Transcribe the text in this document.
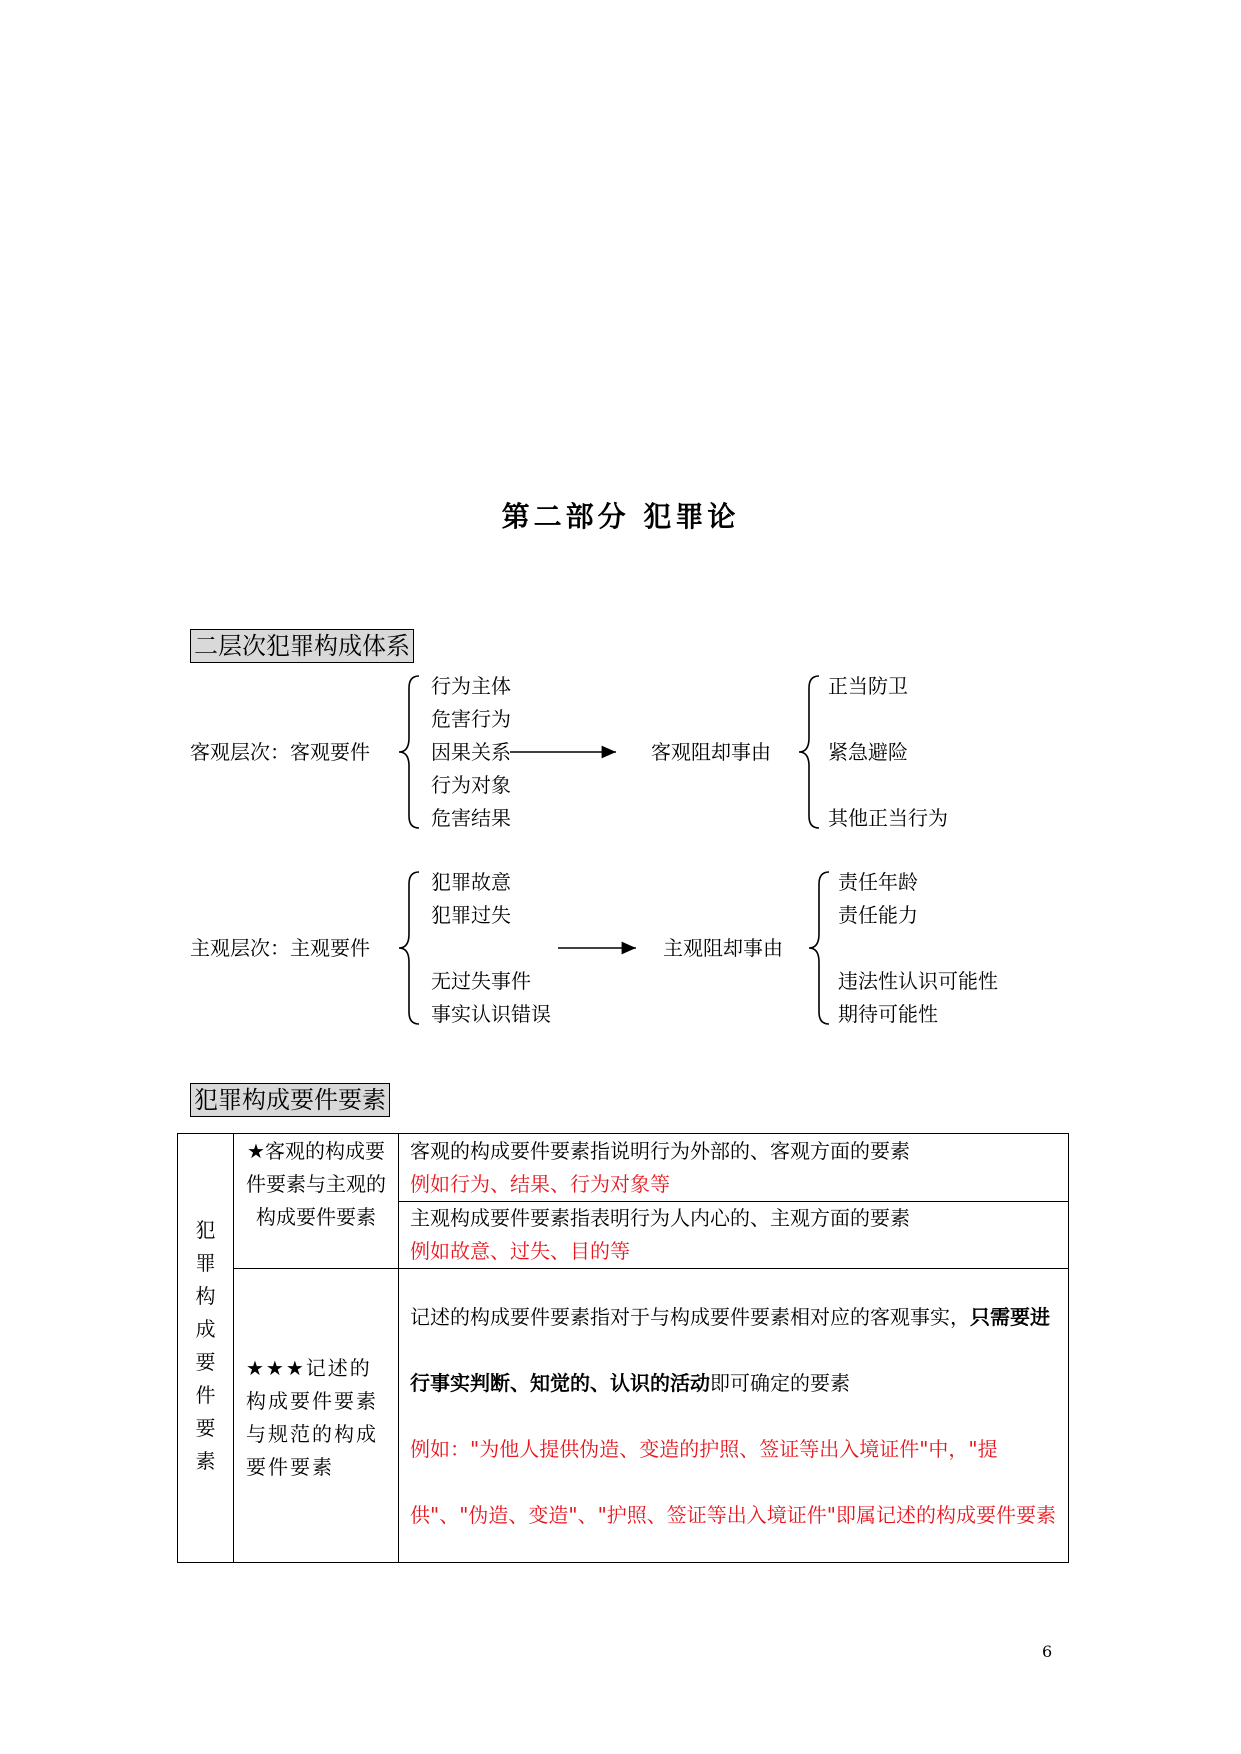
第二部分 犯罪论
二层次犯罪构成体系
客观层次：客观要件
行为主体
危害行为
因果关系
行为对象
危害结果
客观阻却事由
正当防卫
紧急避险
其他正当行为
主观层次：主观要件
犯罪故意
犯罪过失
无过失事件
事实认识错误
主观阻却事由
责任年龄
责任能力
违法性认识可能性
期待可能性
犯罪构成要件要素
犯罪构成要件要素
★客观的构成要件要素与主观的构成要件要素
客观的构成要件要素指说明行为外部的、客观方面的要素
例如行为、结果、行为对象等
主观构成要件要素指表明行为人内心的、主观方面的要素
例如故意、过失、目的等
★★★记述的构成要件要素与规范的构成要件要素
记述的构成要件要素指对于与构成要件要素相对应的客观事实，只需要进行事实判断、知觉的、认识的活动即可确定的要素
例如："为他人提供伪造、变造的护照、签证等出入境证件"中，"提供"、"伪造、变造"、"护照、签证等出入境证件"即属记述的构成要件要素
6
